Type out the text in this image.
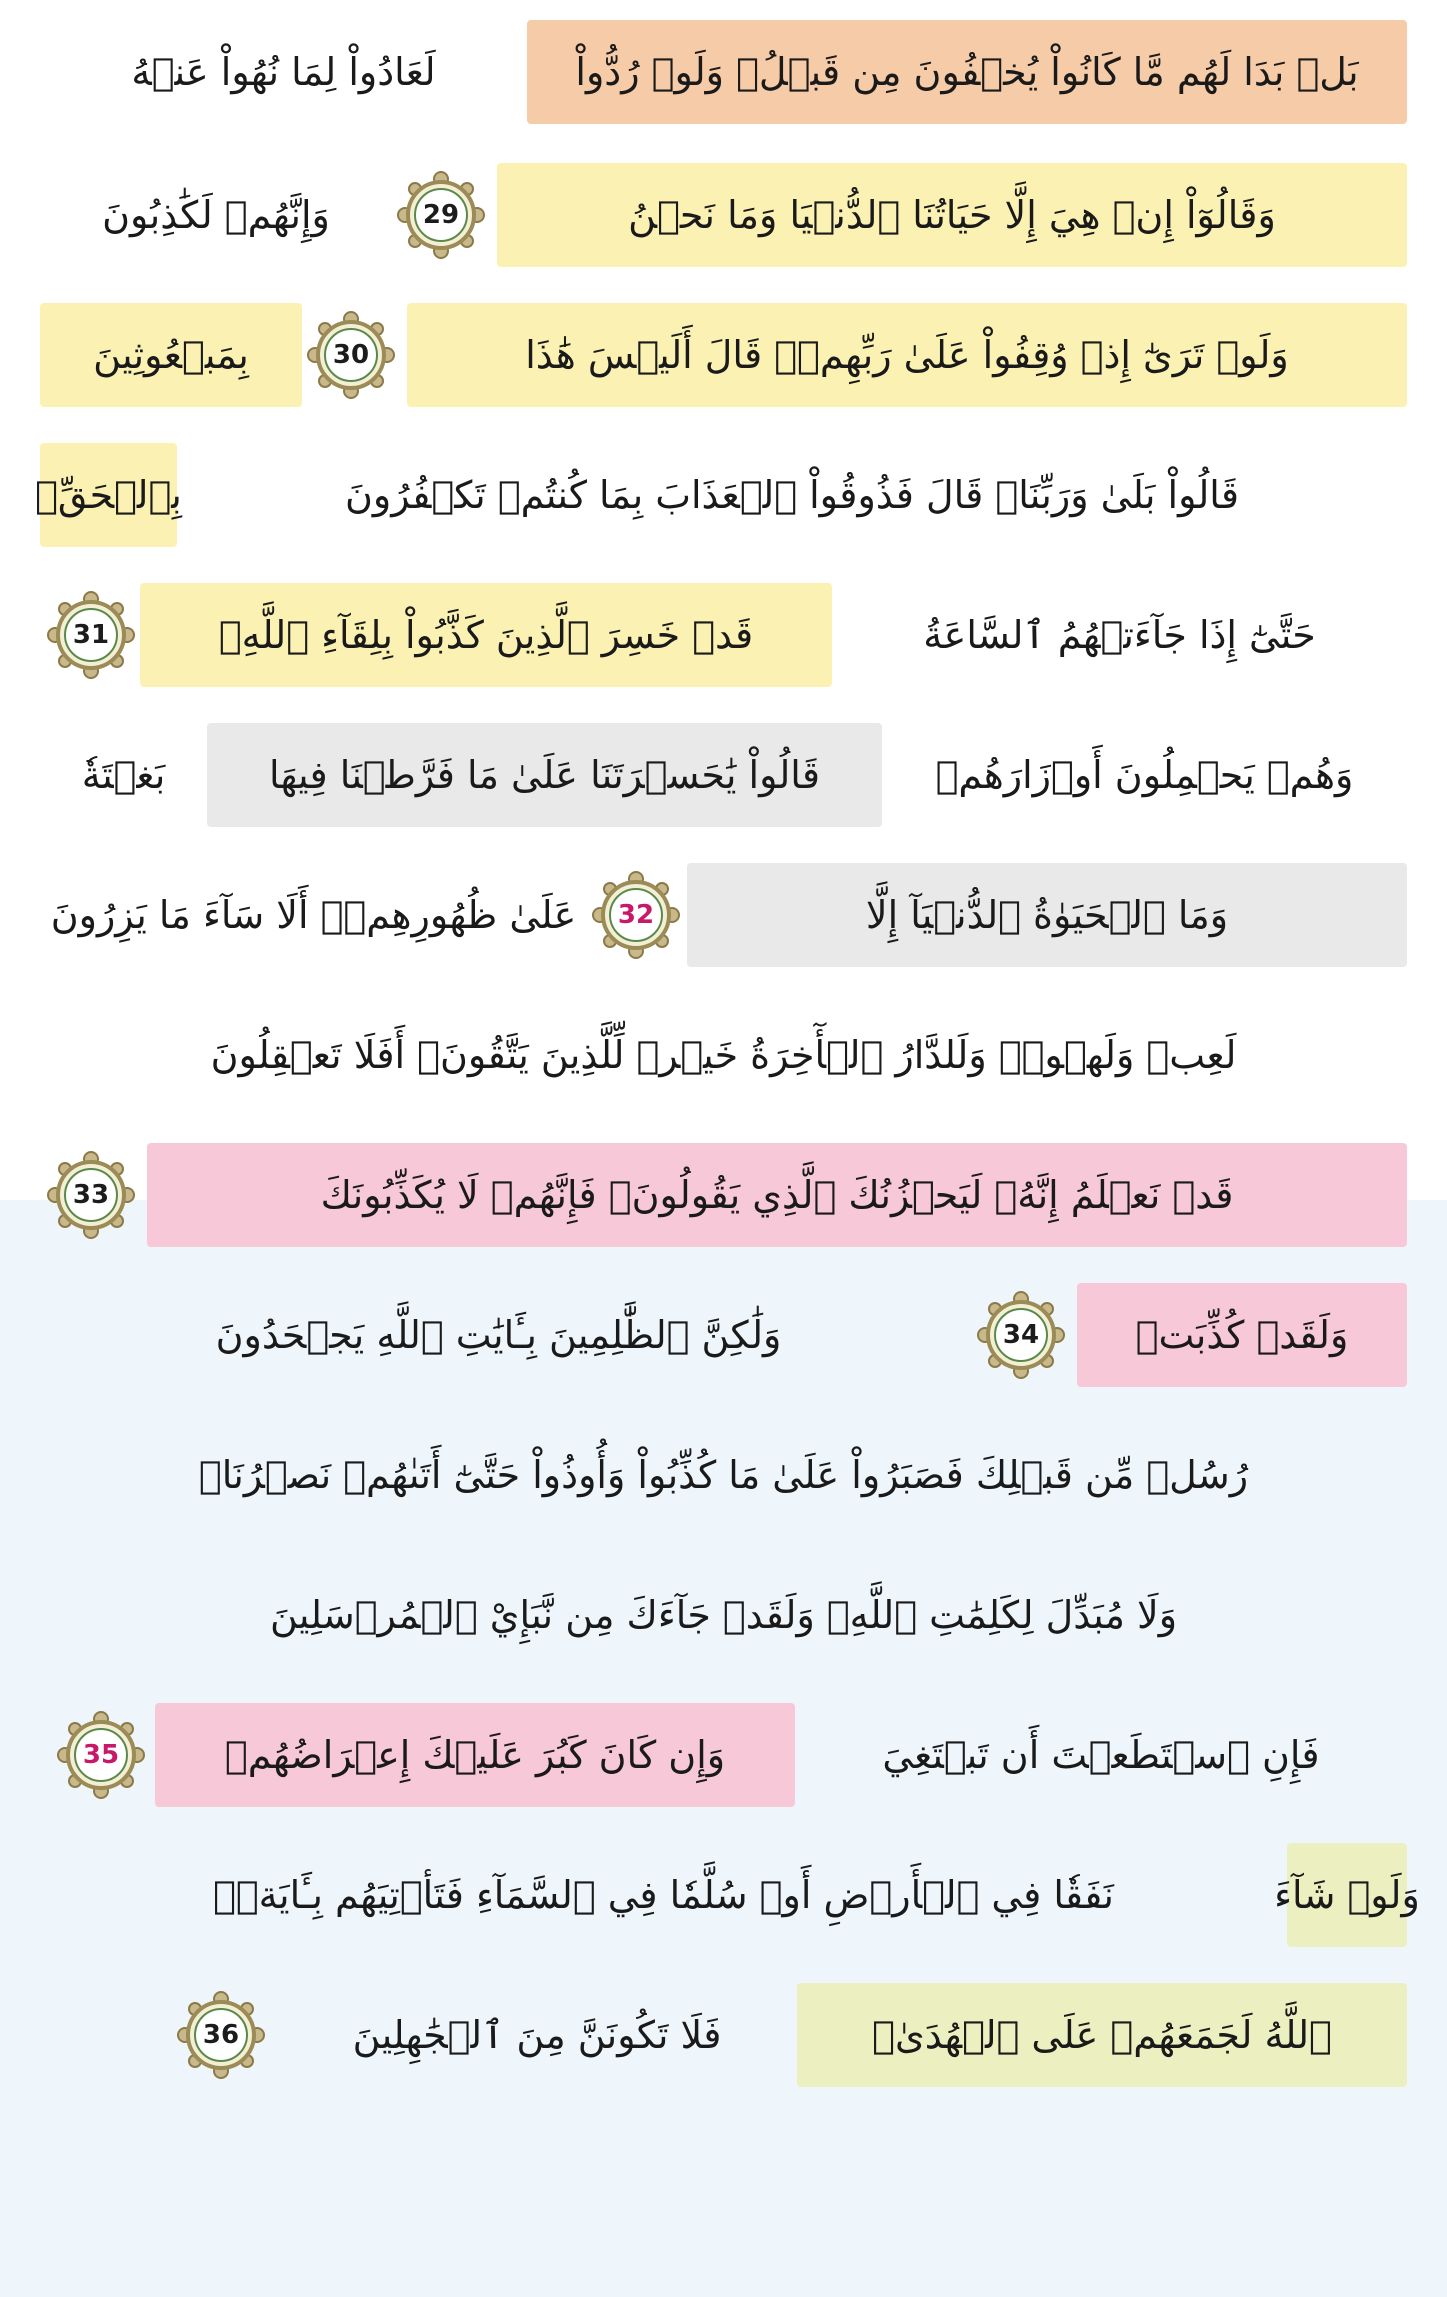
بَلۡ بَدَا لَهُم مَّا كَانُواْ يُخۡفُونَ مِن قَبۡلُۖ وَلَوۡ رُدُّواْ
لَعَادُواْ لِمَا نُهُواْ عَنۡهُ
وَإِنَّهُمۡ لَكَٰذِبُونَ	وَقَالُوٓاْ إِنۡ هِيَ إِلَّا حَيَاتُنَا ٱلدُّنۡيَا وَمَا نَحۡنُ
29
بِمَبۡعُوثِينَ	وَلَوۡ تَرَىٰٓ إِذۡ وُقِفُواْ عَلَىٰ رَبِّهِمۡۚ قَالَ أَلَيۡسَ هَٰذَا
30
بِٱلۡحَقِّۚ	قَالُواْ بَلَىٰ وَرَبِّنَاۚ قَالَ فَذُوقُواْ ٱلۡعَذَابَ بِمَا كُنتُمۡ تَكۡفُرُونَ
قَدۡ خَسِرَ ٱلَّذِينَ كَذَّبُواْ بِلِقَآءِ ٱللَّهِۖ	حَتَّىٰٓ إِذَا جَآءَتۡهُمُ ٱلسَّاعَةُ
31
بَغۡتَةٗ	قَالُواْ يَٰحَسۡرَتَنَا عَلَىٰ مَا فَرَّطۡنَا فِيهَا	وَهُمۡ يَحۡمِلُونَ أَوۡزَارَهُمۡ
عَلَىٰ ظُهُورِهِمۡۚ أَلَا سَآءَ مَا يَزِرُونَ	وَمَا ٱلۡحَيَوٰةُ ٱلدُّنۡيَآ إِلَّا
32
لَعِبٞ وَلَهۡوٞۖ وَلَلدَّارُ ٱلۡأٓخِرَةُ خَيۡرٞ لِّلَّذِينَ يَتَّقُونَۚ أَفَلَا تَعۡقِلُونَ
قَدۡ نَعۡلَمُ إِنَّهُۥ لَيَحۡزُنُكَ ٱلَّذِي يَقُولُونَۖ فَإِنَّهُمۡ لَا يُكَذِّبُونَكَ
33
وَلَٰكِنَّ ٱلظَّٰلِمِينَ بِـَٔايَٰتِ ٱللَّهِ يَجۡحَدُونَ	وَلَقَدۡ كُذِّبَتۡ
34
رُسُلٞ مِّن قَبۡلِكَ فَصَبَرُواْ عَلَىٰ مَا كُذِّبُواْ وَأُوذُواْ حَتَّىٰٓ أَتَىٰهُمۡ نَصۡرُنَاۚ
وَلَا مُبَدِّلَ لِكَلِمَٰتِ ٱللَّهِۚ وَلَقَدۡ جَآءَكَ مِن نَّبَإِيْ ٱلۡمُرۡسَلِينَ
وَإِن كَانَ كَبُرَ عَلَيۡكَ إِعۡرَاضُهُمۡ	فَإِنِ ٱسۡتَطَعۡتَ أَن تَبۡتَغِيَ
35
نَفَقٗا فِي ٱلۡأَرۡضِ أَوۡ سُلَّمٗا فِي ٱلسَّمَآءِ فَتَأۡتِيَهُم بِـَٔايَةٖۚ	وَلَوۡ شَآءَ
ٱللَّهُ لَجَمَعَهُمۡ عَلَى ٱلۡهُدَىٰۚ
فَلَا تَكُونَنَّ مِنَ ٱلۡجَٰهِلِينَ
36
